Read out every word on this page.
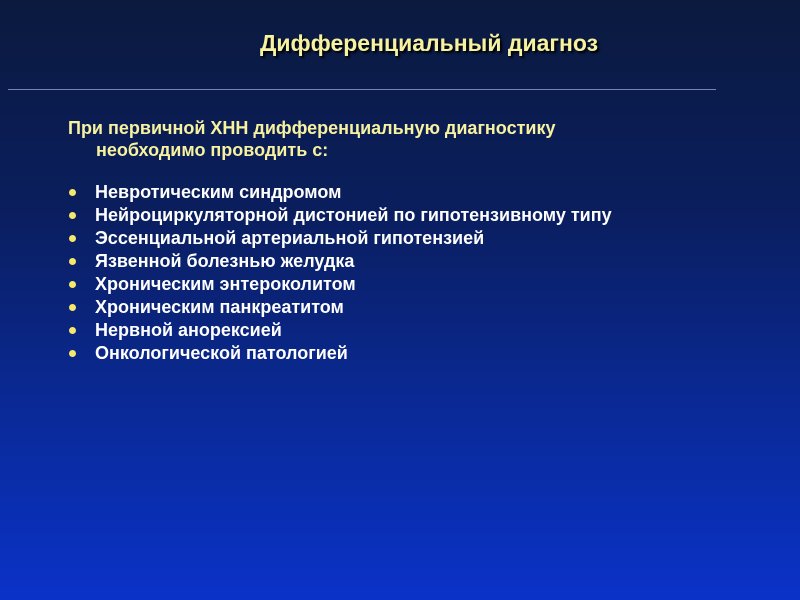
Дифференциальный диагноз
При первичной ХНН дифференциальную диагностику
необходимо проводить с:
Невротическим синдромом
Нейроциркуляторной дистонией по гипотензивному типу
Эссенциальной артериальной гипотензией
Язвенной болезнью желудка
Хроническим энтероколитом
Хроническим панкреатитом
Нервной анорексией
Онкологической патологией
